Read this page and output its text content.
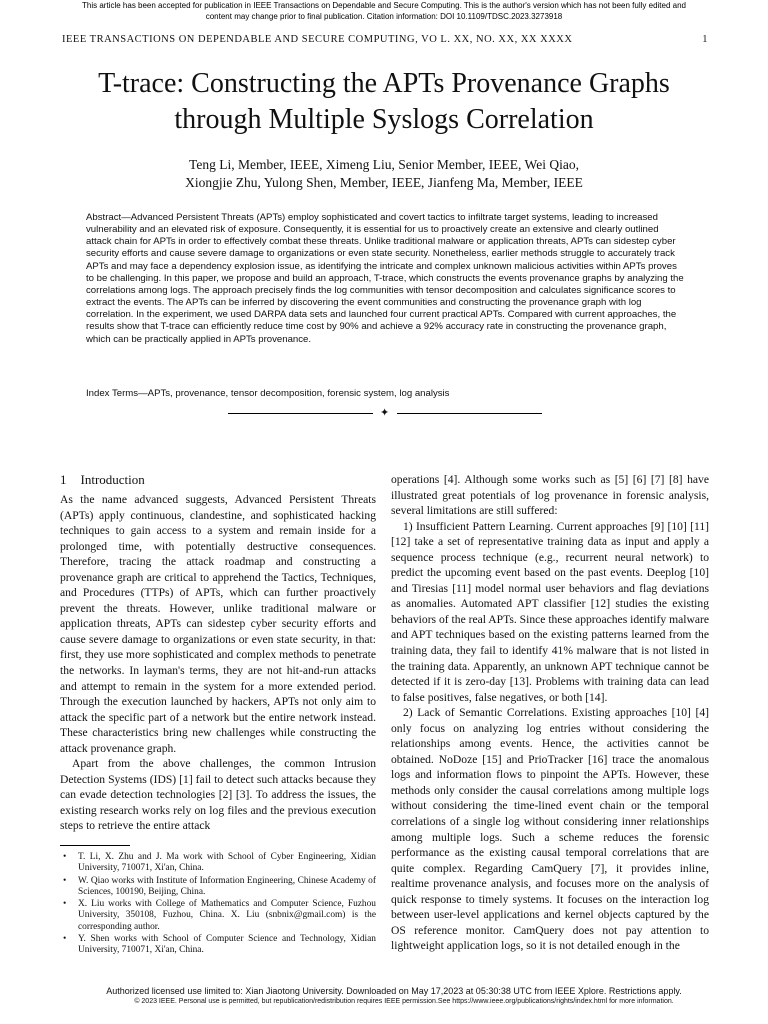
This article has been accepted for publication in IEEE Transactions on Dependable and Secure Computing. This is the author's version which has not been fully edited and
content may change prior to final publication. Citation information: DOI 10.1109/TDSC.2023.3273918
IEEE TRANSACTIONS ON DEPENDABLE AND SECURE COMPUTING, VO L. XX, NO. XX, XX XXXX	1
T-trace: Constructing the APTs Provenance Graphs
through Multiple Syslogs Correlation
Teng Li, Member, IEEE, Ximeng Liu, Senior Member, IEEE, Wei Qiao,
Xiongjie Zhu, Yulong Shen, Member, IEEE, Jianfeng Ma, Member, IEEE
Abstract—Advanced Persistent Threats (APTs) employ sophisticated and covert tactics to infiltrate target systems, leading to increased vulnerability and an elevated risk of exposure. Consequently, it is essential for us to proactively create an extensive and clearly outlined attack chain for APTs in order to effectively combat these threats. Unlike traditional malware or application threats, APTs can sidestep cyber security efforts and cause severe damage to organizations or even state security. Nonetheless, earlier methods struggle to accurately track APTs and may face a dependency explosion issue, as identifying the intricate and complex unknown malicious activities within APTs proves to be challenging. In this paper, we propose and build an approach, T-trace, which constructs the events provenance graphs by analyzing the correlations among logs. The approach precisely finds the log communities with tensor decomposition and calculates significance scores to extract the events. The APTs can be inferred by discovering the event communities and constructing the provenance graph with log correlation. In the experiment, we used DARPA data sets and launched four current practical APTs. Compared with current approaches, the results show that T-trace can efficiently reduce time cost by 90% and achieve a 92% accuracy rate in constructing the provenance graph, which can be practically applied in APTs provenance.
Index Terms—APTs, provenance, tensor decomposition, forensic system, log analysis
✦
1 Introduction

As the name advanced suggests, Advanced Persistent Threats (APTs) apply continuous, clandestine, and sophisticated hacking techniques to gain access to a system and remain inside for a prolonged time, with potentially destructive consequences. Therefore, tracing the attack roadmap and constructing a provenance graph are critical to apprehend the Tactics, Techniques, and Procedures (TTPs) of APTs, which can further proactively prevent the threats. However, unlike traditional malware or application threats, APTs can sidestep cyber security efforts and cause severe damage to organizations or even state security, in that: first, they use more sophisticated and complex methods to penetrate the networks. In layman's terms, they are not hit-and-run attacks and attempt to remain in the system for a more extended period. Through the execution launched by hackers, APTs not only aim to attack the specific part of a network but the entire network instead. These characteristics bring new challenges while constructing the attack provenance graph.

Apart from the above challenges, the common Intrusion Detection Systems (IDS) [1] fail to detect such attacks because they can evade detection technologies [2] [3]. To address the issues, the existing research works rely on log files and the previous execution steps to retrieve the entire attack

operations [4]. Although some works such as [5] [6] [7] [8] have illustrated great potentials of log provenance in forensic analysis, several limitations are still suffered:

1) Insufficient Pattern Learning. Current approaches [9] [10] [11] [12] take a set of representative training data as input and apply a sequence process technique (e.g., recurrent neural network) to predict the upcoming event based on the past events. Deeplog [10] and Tiresias [11] model normal user behaviors and flag deviations as anomalies. Automated APT classifier [12] studies the existing behaviors of the real APTs. Since these approaches identify malware and APT techniques based on the existing patterns learned from the training data, they fail to identify 41% malware that is not listed in the training data. Apparently, an unknown APT technique cannot be detected if it is zero-day [13]. Problems with training data can lead to false positives, false negatives, or both [14].

2) Lack of Semantic Correlations. Existing approaches [10] [4] only focus on analyzing log entries without considering the relationships among events. Hence, the activities cannot be obtained. NoDoze [15] and PrioTracker [16] trace the anomalous logs and information flows to pinpoint the APTs. However, these methods only consider the causal correlations among multiple logs without considering the time-lined event chain or the temporal correlations of a single log without considering inner relationships among multiple logs. Such a scheme reduces the forensic performance as the existing causal temporal correlations that are quite complex. Regarding CamQuery [7], it provides inline, realtime provenance analysis, and focuses more on the analysis of quick response to timely systems. It focuses on the interaction log between user-level applications and kernel objects captured by the OS reference monitor. CamQuery does not pay attention to lightweight application logs, so it is not detailed enough in the

• T. Li, X. Zhu and J. Ma work with School of Cyber Engineering, Xidian University, 710071, Xi'an, China.
• W. Qiao works with Institute of Information Engineering, Chinese Academy of Sciences, 100190, Beijing, China.
• X. Liu works with College of Mathematics and Computer Science, Fuzhou University, 350108, Fuzhou, China. X. Liu (snbnix@gmail.com) is the corresponding author.
• Y. Shen works with School of Computer Science and Technology, Xidian University, 710071, Xi'an, China.
Authorized licensed use limited to: Xian Jiaotong University. Downloaded on May 17,2023 at 05:30:38 UTC from IEEE Xplore. Restrictions apply.
© 2023 IEEE. Personal use is permitted, but republication/redistribution requires IEEE permission.See https://www.ieee.org/publications/rights/index.html for more information.
